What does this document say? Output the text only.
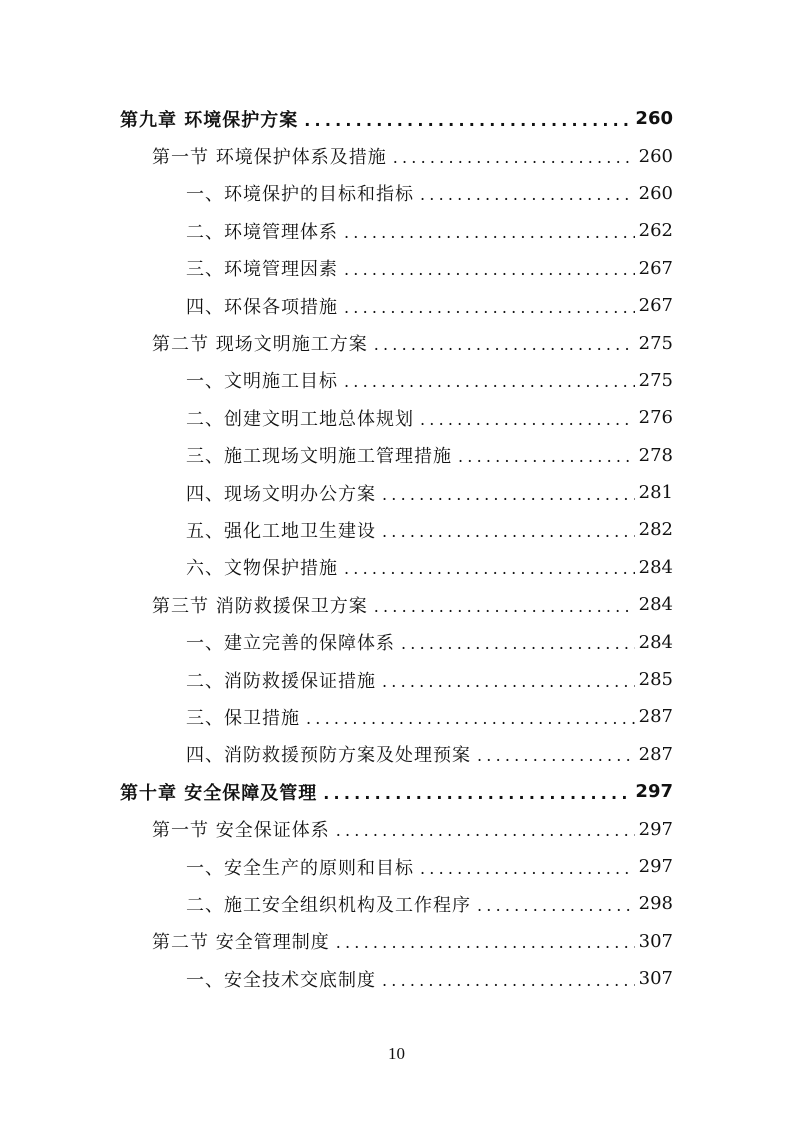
第九章 环境保护方案 .....	260
第一节 环境保护体系及措施 .....	260
一、环境保护的目标和指标 .....	260
二、环境管理体系 .....	262
三、环境管理因素 .....	267
四、环保各项措施 .....	267
第二节 现场文明施工方案 .....	275
一、文明施工目标 .....	275
二、创建文明工地总体规划 .....	276
三、施工现场文明施工管理措施 .....	278
四、现场文明办公方案 .....	281
五、强化工地卫生建设 .....	282
六、文物保护措施 .....	284
第三节 消防救援保卫方案 .....	284
一、建立完善的保障体系 .....	284
二、消防救援保证措施 .....	285
三、保卫措施 .....	287
四、消防救援预防方案及处理预案 .....	287
第十章 安全保障及管理 .....	297
第一节 安全保证体系 .....	297
一、安全生产的原则和目标 .....	297
二、施工安全组织机构及工作程序 .....	298
第二节 安全管理制度 .....	307
一、安全技术交底制度 .....	307
10
